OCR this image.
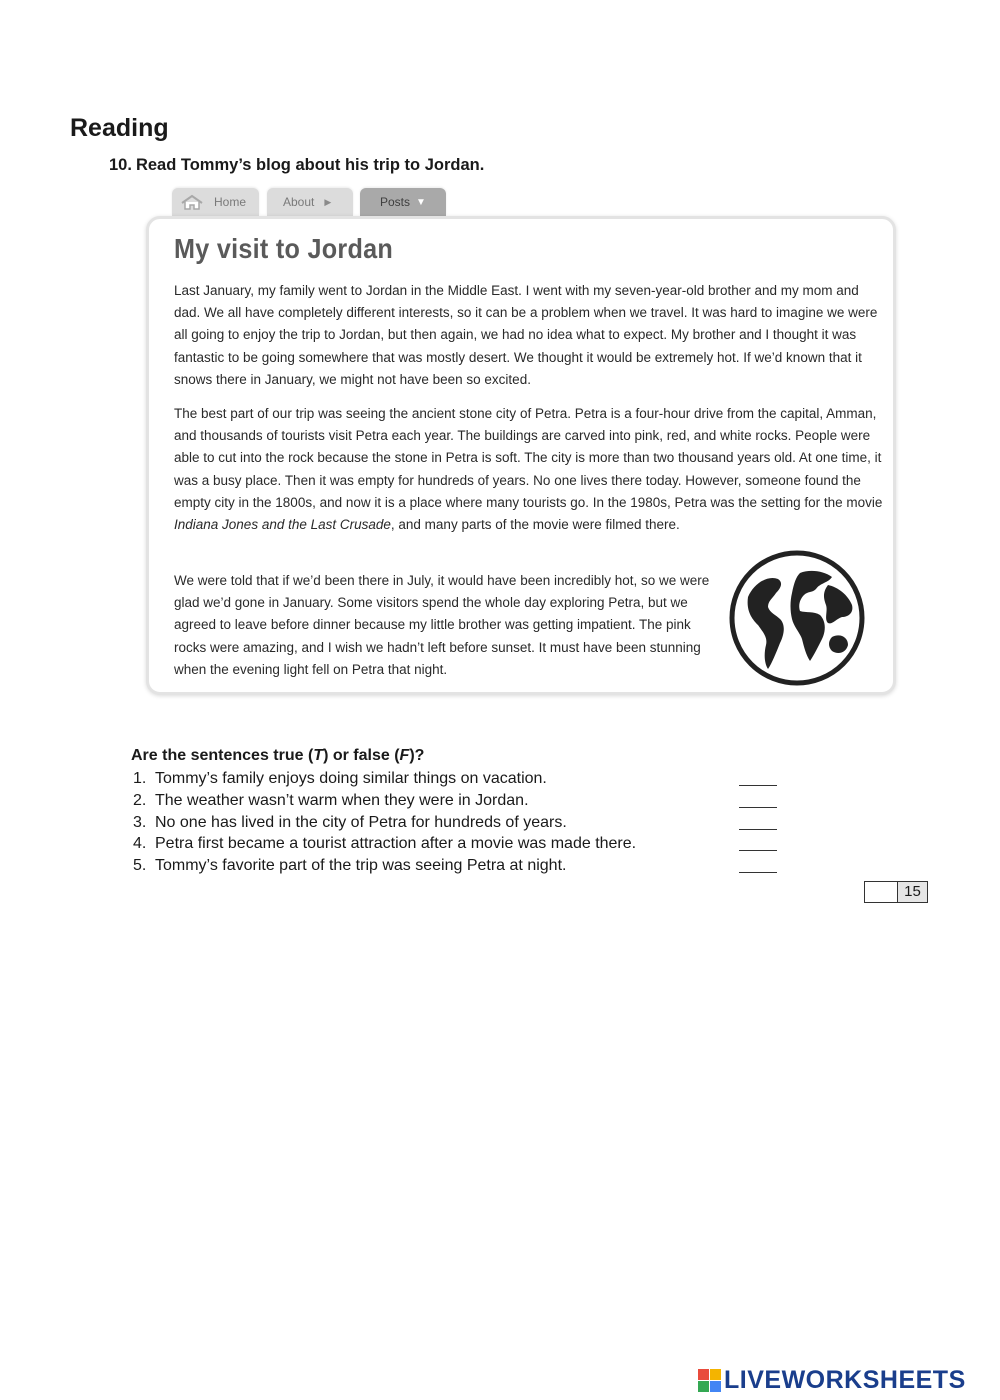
Reading
10. Read Tommy’s blog about his trip to Jordan.
Home	About ▶	Posts ▼
My visit to Jordan
Last January, my family went to Jordan in the Middle East. I went with my seven-year-old brother and my mom and dad. We all have completely different interests, so it can be a problem when we travel. It was hard to imagine we were all going to enjoy the trip to Jordan, but then again, we had no idea what to expect. My brother and I thought it was fantastic to be going somewhere that was mostly desert. We thought it would be extremely hot. If we’d known that it snows there in January, we might not have been so excited.
The best part of our trip was seeing the ancient stone city of Petra. Petra is a four-hour drive from the capital, Amman, and thousands of tourists visit Petra each year. The buildings are carved into pink, red, and white rocks. People were able to cut into the rock because the stone in Petra is soft. The city is more than two thousand years old. At one time, it was a busy place. Then it was empty for hundreds of years. No one lives there today. However, someone found the empty city in the 1800s, and now it is a place where many tourists go. In the 1980s, Petra was the setting for the movie Indiana Jones and the Last Crusade, and many parts of the movie were filmed there.
We were told that if we’d been there in July, it would have been incredibly hot, so we were glad we’d gone in January. Some visitors spend the whole day exploring Petra, but we agreed to leave before dinner because my little brother was getting impatient. The pink rocks were amazing, and I wish we hadn’t left before sunset. It must have been stunning when the evening light fell on Petra that night.
Are the sentences true (T) or false (F)?
1. Tommy’s family enjoys doing similar things on vacation.
2. The weather wasn’t warm when they were in Jordan.
3. No one has lived in the city of Petra for hundreds of years.
4. Petra first became a tourist attraction after a movie was made there.
5. Tommy’s favorite part of the trip was seeing Petra at night.
15
LIVEWORKSHEETS
